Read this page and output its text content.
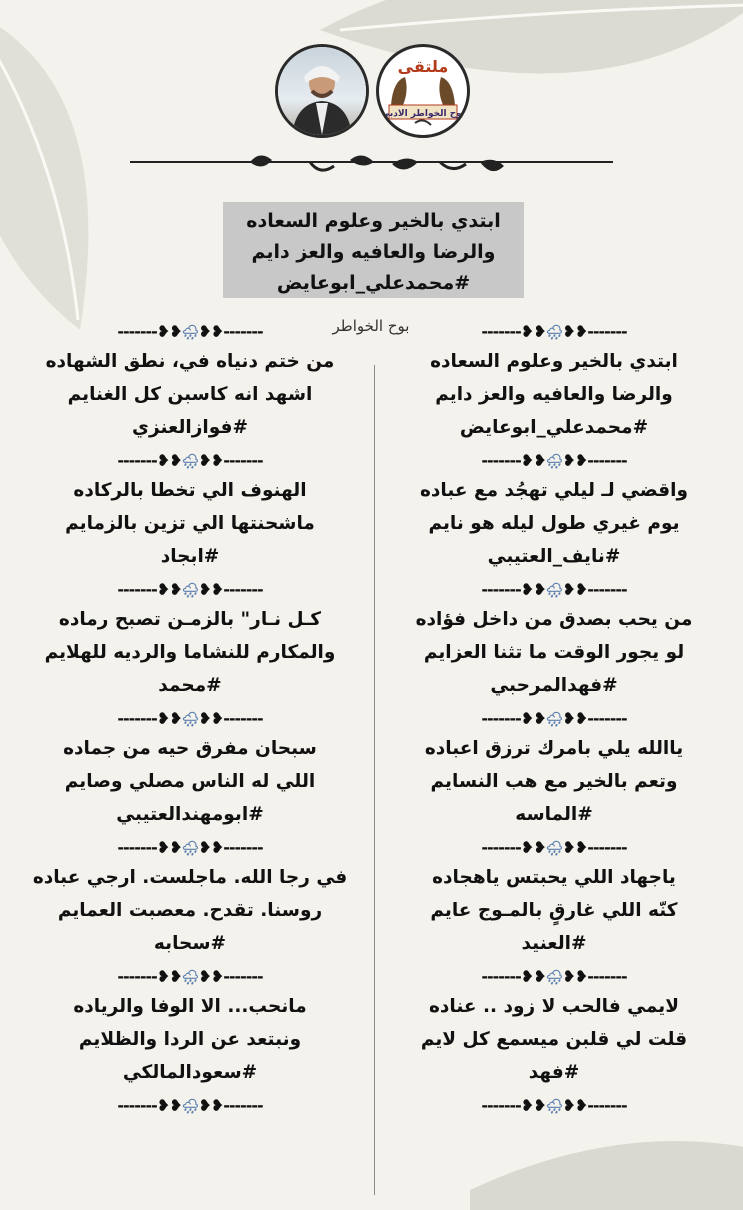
ملتقى
بوح الخواطر الادبي
ابتدي بالخير وعلوم السعاده
والرضا والعافيه والعز دايم
#محمدعلي_ابوعايض
بوح الخواطر	-------❥❥🌧❥❥-------
ابتدي بالخير وعلوم السعاده
والرضا والعافيه والعز دايم
#محمدعلي_ابوعايض
-------❥❥🌧❥❥-------
واقضي لـ ليلي تهجُد مع عباده
يوم غيري طول ليله هو نايم
#نايف_العتيبي
-------❥❥🌧❥❥-------
من يحب بصدق من داخل فؤاده
لو يجور الوقت ما تثنا العزايم
#فهدالمرحبي
-------❥❥🌧❥❥-------
ياالله يلي بامرك ترزق اعباده
وتعم بالخير مع هب النسايم
#الماسه
-------❥❥🌧❥❥-------
ياجهاد اللي يحبتس ياهجاده
كنّه اللي غارقٍ بالمـوج عايم
#العنيد
-------❥❥🌧❥❥-------
لايمي فالحب لا زود .. عناده
قلت لي قلبن ميسمع كل لايم
#فهد
-------❥❥🌧❥❥-------
-------❥❥🌧❥❥-------
من ختم دنياه في، نطق الشهاده
اشهد انه كاسبن كل الغنايم
#فوازالعنزي
-------❥❥🌧❥❥-------
الهنوف الي تخطا بالركاده
ماشحنتها الي تزين بالزمايم
#ابجاد
-------❥❥🌧❥❥-------
كـل نـار" بالزمـن تصبح رماده
والمكارم للنشاما والرديه للهلايم
#محمد
-------❥❥🌧❥❥-------
سبحان مفرق حيه من جماده
اللي له الناس مصلي وصايم
#ابومهندالعتيبي
-------❥❥🌧❥❥-------
في رجا الله. ماجلست. ارجي عباده
روسنا. تقدح. معصبت العمايم
#سحابه
-------❥❥🌧❥❥-------
مانحب... الا الوفا والرياده
ونبتعد عن الردا والظلايم
#سعودالمالكي
-------❥❥🌧❥❥-------
